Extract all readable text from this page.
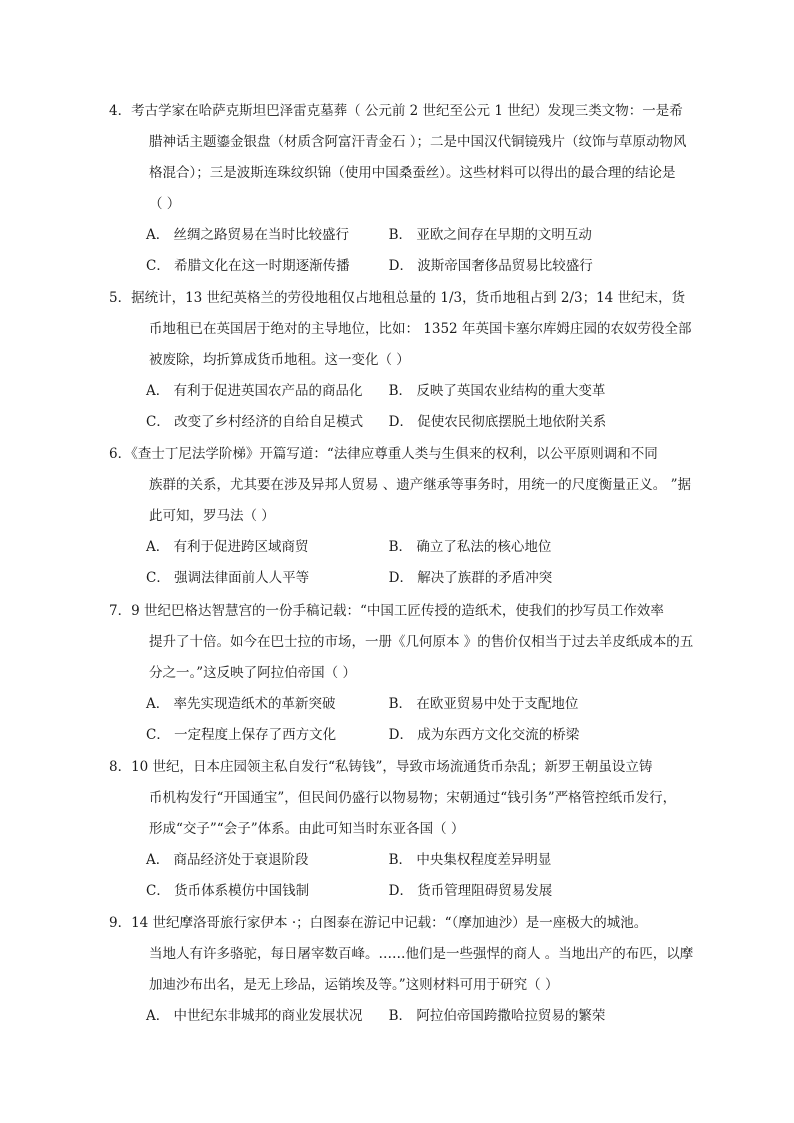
4．考古学家在哈萨克斯坦巴泽雷克墓葬（ 公元前 2 世纪至公元 1 世纪）发现三类文物：一是希
腊神话主题鎏金银盘（材质含阿富汗青金石 ）；二是中国汉代铜镜残片（纹饰与草原动物风
格混合）；三是波斯连珠纹织锦（使用中国桑蚕丝）。这些材料可以得出的最合理的结论是
（ ）
A． 丝绸之路贸易在当时比较盛行	B． 亚欧之间存在早期的文明互动
C． 希腊文化在这一时期逐渐传播	D． 波斯帝国奢侈品贸易比较盛行
5．据统计，13 世纪英格兰的劳役地租仅占地租总量的 1/3，货币地租占到 2/3；14 世纪末，货
币地租已在英国居于绝对的主导地位，比如： 1352 年英国卡塞尔库姆庄园的农奴劳役全部
被废除，均折算成货币地租。这一变化（ ）
A． 有利于促进英国农产品的商品化	B． 反映了英国农业结构的重大变革
C． 改变了乡村经济的自给自足模式	D． 促使农民彻底摆脱土地依附关系
6．《查士丁尼法学阶梯》开篇写道：“法律应尊重人类与生俱来的权利，以公平原则调和不同
族群的关系，尤其要在涉及异邦人贸易 、遗产继承等事务时，用统一的尺度衡量正义。 ”据
此可知，罗马法（ ）
A． 有利于促进跨区域商贸	B． 确立了私法的核心地位
C． 强调法律面前人人平等	D． 解决了族群的矛盾冲突
7．9 世纪巴格达智慧宫的一份手稿记载：“中国工匠传授的造纸术，使我们的抄写员工作效率
提升了十倍。如今在巴士拉的市场，一册《几何原本 》的售价仅相当于过去羊皮纸成本的五
分之一。”这反映了阿拉伯帝国（ ）
A． 率先实现造纸术的革新突破	B． 在欧亚贸易中处于支配地位
C． 一定程度上保存了西方文化	D． 成为东西方文化交流的桥梁
8．10 世纪，日本庄园领主私自发行“私铸钱”，导致市场流通货币杂乱；新罗王朝虽设立铸
币机构发行“开国通宝”，但民间仍盛行以物易物；宋朝通过“钱引务”严格管控纸币发行，
形成“交子”“会子”体系。由此可知当时东亚各国（ ）
A． 商品经济处于衰退阶段	B． 中央集权程度差异明显
C． 货币体系模仿中国钱制	D． 货币管理阻碍贸易发展
9．14 世纪摩洛哥旅行家伊本 ·；白图泰在游记中记载：“（摩加迪沙）是一座极大的城池。
当地人有许多骆驼，每日屠宰数百峰。……他们是一些强悍的商人 。当地出产的布匹，以摩
加迪沙布出名，是无上珍品，运销埃及等。”这则材料可用于研究（ ）
A． 中世纪东非城邦的商业发展状况	B． 阿拉伯帝国跨撒哈拉贸易的繁荣
